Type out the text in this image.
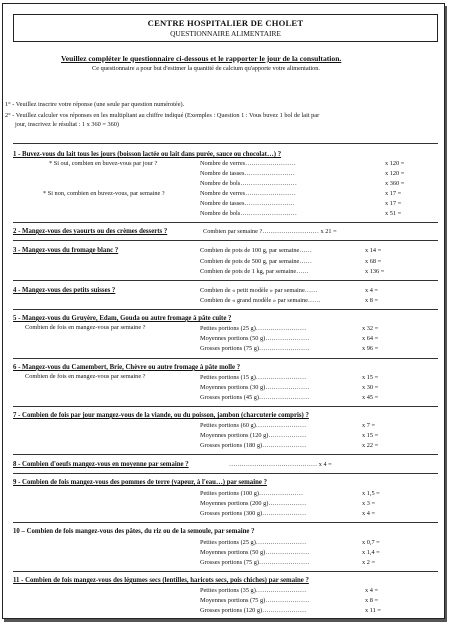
CENTRE HOSPITALIER DE CHOLET
QUESTIONNAIRE ALIMENTAIRE
Veuillez compléter le questionnaire ci-dessous et le rapporter le jour de la consultation.
Ce questionnaire a pour but d'estimer la quantité de calcium qu'apporte votre alimentation.
1° - Veuillez inscrire votre réponse (une seule par question numérotée).
2° - Veuillez calculer vos réponses en les multipliant au chiffre indiqué (Exemples : Question 1 : Vous buvez 1 bol de lait par
jour, inscrivez le résultat : 1 x 360 = 360)
1 - Buvez-vous du lait tous les jours (boisson lactée ou lait dans purée, sauce ou chocolat…) ?
* Si oui, combien en buvez-vous par jour ?	Nombre de verres……………………	x 120 =
Nombre de tasses……………………	x 120 =
Nombre de bols………………………	x 360 =
* Si non, combien en buvez-vous, par semaine ?	Nombre de verres……………………	x 17 =
Nombre de tasses……………………	x 17 =
Nombre de bols………………………	x 51 =
2 - Mangez-vous des yaourts ou des crèmes desserts ?	Combien par semaine ?……………………… x 21 =
3 - Mangez-vous du fromage blanc ?	Combien de pots de 100 g, par semaine……	x 14 =
Combien de pots de 500 g, par semaine……	x 68 =
Combien de pots de 1 kg, par semaine……	x 136 =
4 - Mangez-vous des petits suisses ?	Combien de « petit modèle » par semaine……	x 4 =
Combien de « grand modèle » par semaine……	x 8 =
5 - Mangez-vous du Gruyère, Edam, Gouda ou autre fromage à pâte cuite ?
Combien de fois en mangez-vous par semaine ?	Petites portions (25 g)……………………	x 32 =
Moyennes portions (50 g)…………………	x 64 =
Grosses portions (75 g)……………………	x 96 =
6 - Mangez-vous du Camembert, Brie, Chèvre ou autre fromage à pâte molle ?
Combien de fois en mangez-vous par semaine ?	Petites portions (15 g)……………………	x 15 =
Moyennes portions (30 g)…………………	x 30 =
Grosses portions (45 g)……………………	x 45 =
7 - Combien de fois par jour mangez-vous de la viande, ou du poisson, jambon (charcuterie compris) ?
Petites portions (60 g)……………………	x 7 =
Moyennes portions (120 g)………………	x 15 =
Grosses portions (180 g)…………………	x 22 =
8 - Combien d'oeufs mangez-vous en moyenne par semaine ?	…………………………………… x 4 =
9 - Combien de fois mangez-vous des pommes de terre (vapeur, à l'eau…) par semaine ?
Petites portions (100 g)…………………	x 1,5 =
Moyennes portions (200 g)………………	x 3 =
Grosses portions (300 g)…………………	x 4 =
10 – Combien de fois mangez-vous des pâtes, du riz ou de la semoule, par semaine ?
Petites portions (25 g)……………………	x 0,7 =
Moyennes portions (50 g)…………………	x 1,4 =
Grosses portions (75 g)……………………	x 2 =
11 - Combien de fois mangez-vous des légumes secs (lentilles, haricots secs, pois chiches) par semaine ?
Petites portions (35 g)……………………	x 4 =
Moyennes portions (75 g)…………………	x 8 =
Grosses portions (120 g)…………………	x 11 =
